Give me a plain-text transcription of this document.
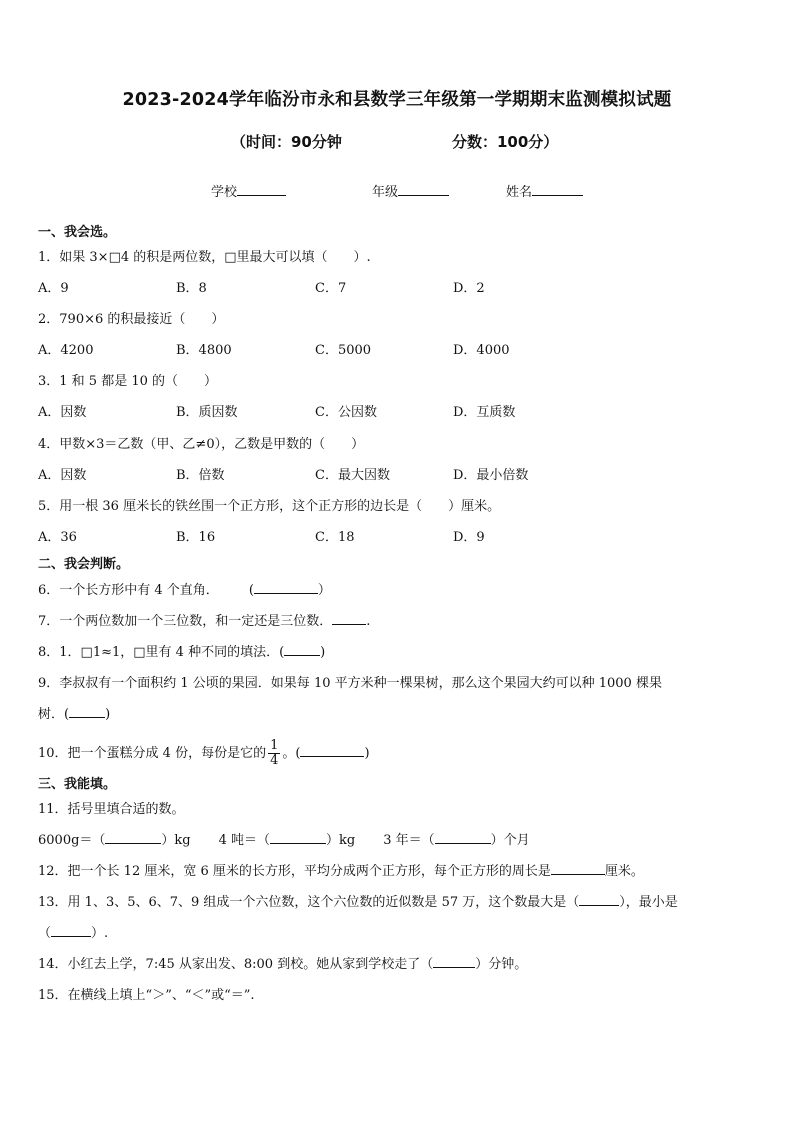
2023-2024学年临汾市永和县数学三年级第一学期期末监测模拟试题
（时间：90分钟	分数：100分）
学校	年级	姓名
一、我会选。
1．如果 3×□4 的积是两位数，□里最大可以填（　　）.
A．9	B．8	C．7	D．2
2．790×6 的积最接近（　　）
A．4200	B．4800	C．5000	D．4000
3．1 和 5 都是 10 的（　　）
A．因数	B．质因数	C．公因数	D．互质数
4．甲数×3＝乙数（甲、乙≠0），乙数是甲数的（　　）
A．因数	B．倍数	C．最大因数	D．最小倍数
5．用一根 36 厘米长的铁丝围一个正方形，这个正方形的边长是（　　）厘米。
A．36	B．16	C．18	D．9
二、我会判断。
6．一个长方形中有 4 个直角． (	）
7．一个两位数加一个三位数，和一定还是三位数．	.
8．1．□1≈1，□里有 4 种不同的填法．(	)
9．李叔叔有一个面积约 1 公顷的果园．如果每 10 平方米种一棵果树，那么这个果园大约可以种 1000 棵果
树．(	)
10．把一个蛋糕分成 4 份，每份是它的 $\frac{1}{4}$ 。(	)
三、我能填。
11．括号里填合适的数。
6000g＝（	）kg 4 吨＝（	）kg 3 年＝（	）个月
12．把一个长 12 厘米，宽 6 厘米的长方形，平均分成两个正方形，每个正方形的周长是	厘米。
13．用 1、3、5、6、7、9 组成一个六位数，这个六位数的近似数是 57 万，这个数最大是（	），最小是
（	）.
14．小红去上学，7:45 从家出发、8:00 到校。她从家到学校走了（	）分钟。
15．在横线上填上“＞”、“＜”或“＝”.
